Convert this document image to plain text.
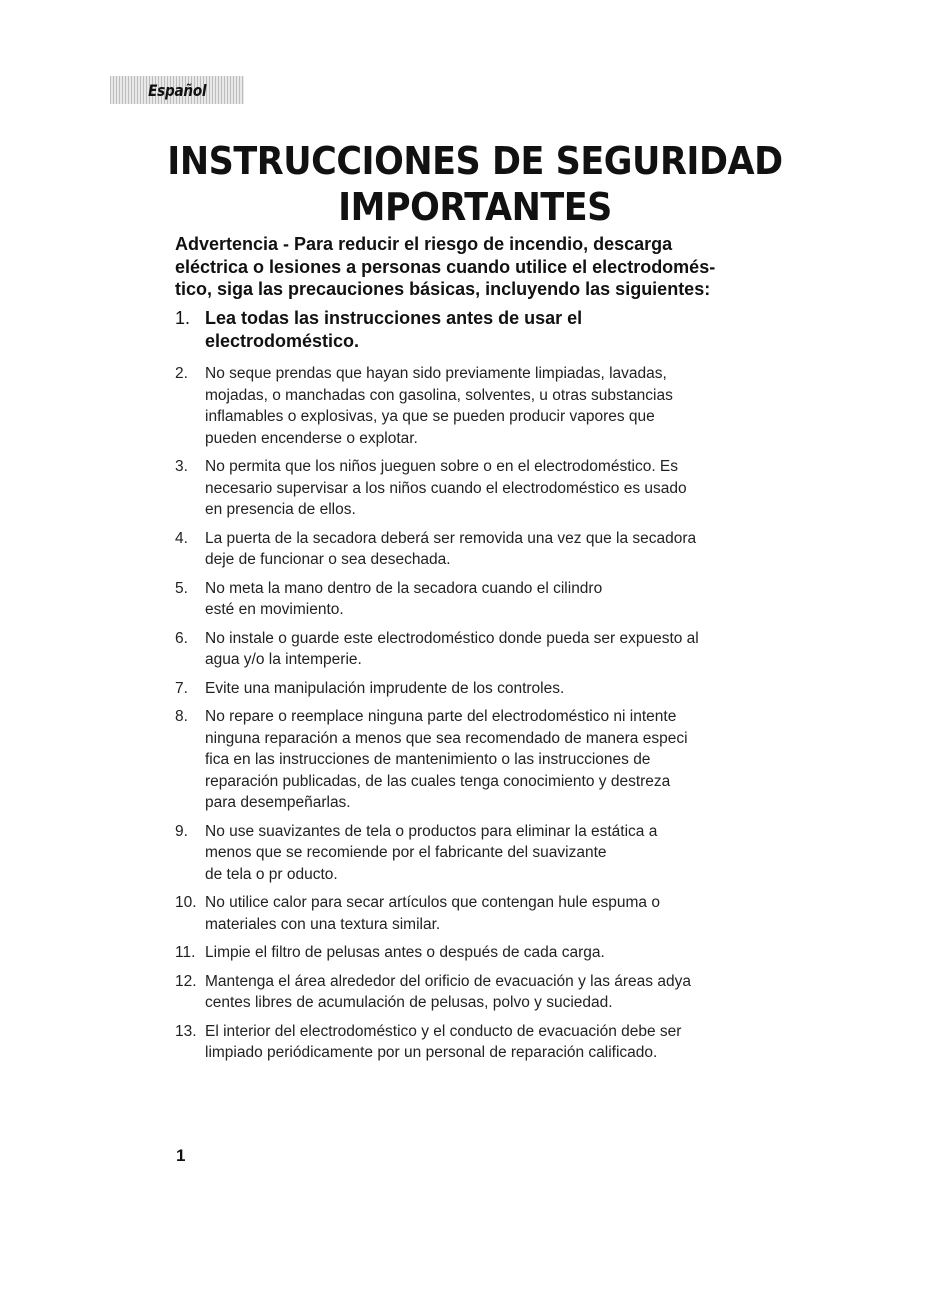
Español
INSTRUCCIONES DE SEGURIDAD
IMPORTANTES
Advertencia - Para reducir el riesgo de incendio, descarga
eléctrica o lesiones a personas cuando utilice el electrodomés-
tico, siga las precauciones básicas, incluyendo las siguientes:
1. Lea todas las instrucciones antes de usar el
electrodoméstico.
2.	No seque prendas que hayan sido previamente limpiadas, lavadas,
mojadas, o manchadas con gasolina, solventes, u otras substancias
inflamables o explosivas, ya que se pueden producir vapores que
pueden encenderse o explotar.
3.	No permita que los niños jueguen sobre o en el electrodoméstico. Es
necesario supervisar a los niños cuando el electrodoméstico es usado
en presencia de ellos.
4.	La puerta de la secadora deberá ser removida una vez que la secadora
deje de funcionar o sea desechada.
5.	No meta la mano dentro de la secadora cuando el cilindro
esté en movimiento.
6.	No instale o guarde este electrodoméstico donde pueda ser expuesto al
agua y/o la intemperie.
7.	Evite una manipulación imprudente de los controles.
8.	No repare o reemplace ninguna parte del electrodoméstico ni intente
ninguna reparación a menos que sea recomendado de manera especi
fica en las instrucciones de mantenimiento o las instrucciones de
reparación publicadas, de las cuales tenga conocimiento y destreza
para desempeñarlas.
9.	No use suavizantes de tela o productos para eliminar la estática a
menos que se recomiende por el fabricante del suavizante
de tela o pr oducto.
10. No utilice calor para secar artículos que contengan hule espuma o
materiales con una textura similar.
11. Limpie el filtro de pelusas antes o después de cada carga.
12. Mantenga el área alrededor del orificio de evacuación y las áreas adya
centes libres de acumulación de pelusas, polvo y suciedad.
13. El interior del electrodoméstico y el conducto de evacuación debe ser
limpiado periódicamente por un personal de reparación calificado.
1
